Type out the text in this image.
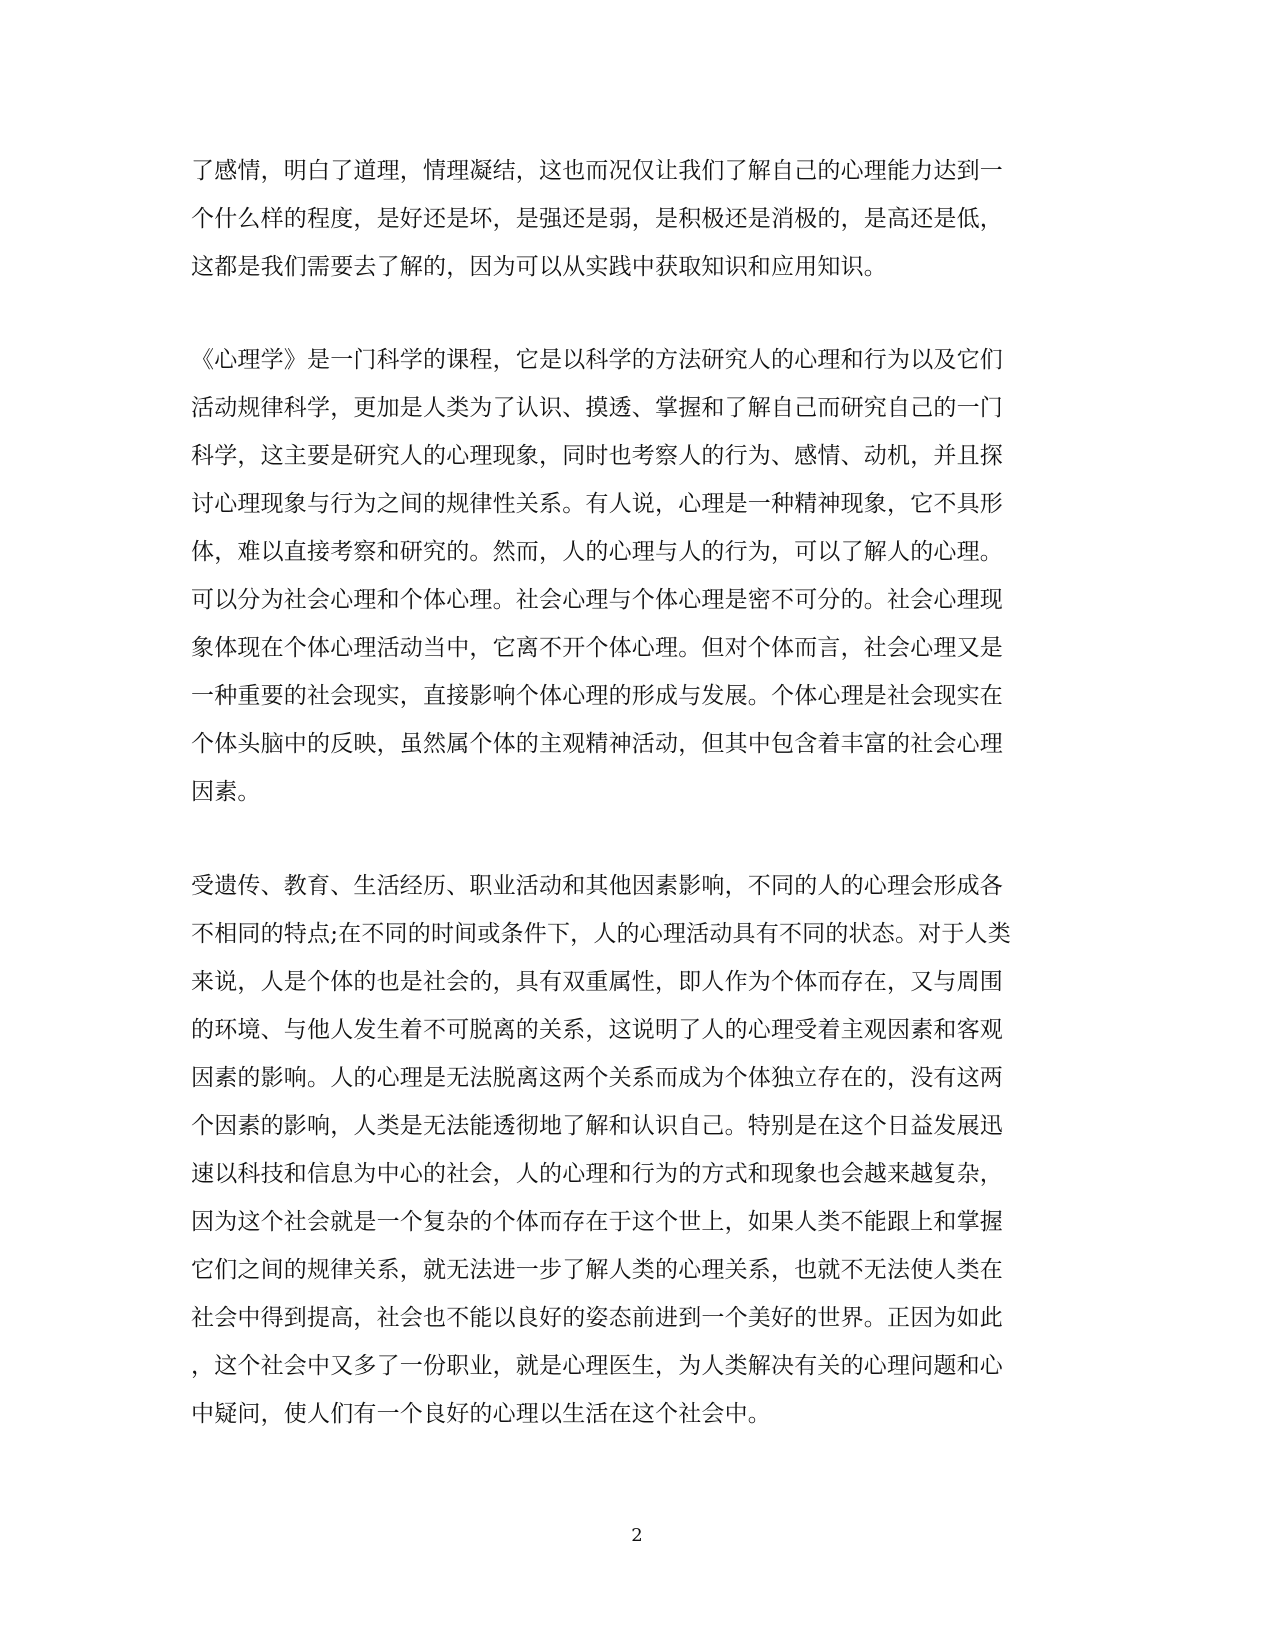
了感情，明白了道理，情理凝结，这也而况仅让我们了解自己的心理能力达到一
个什么样的程度，是好还是坏，是强还是弱，是积极还是消极的，是高还是低，
这都是我们需要去了解的，因为可以从实践中获取知识和应用知识。
《心理学》是一门科学的课程，它是以科学的方法研究人的心理和行为以及它们
活动规律科学，更加是人类为了认识、摸透、掌握和了解自己而研究自己的一门
科学，这主要是研究人的心理现象，同时也考察人的行为、感情、动机，并且探
讨心理现象与行为之间的规律性关系。有人说，心理是一种精神现象，它不具形
体，难以直接考察和研究的。然而，人的心理与人的行为，可以了解人的心理。
可以分为社会心理和个体心理。社会心理与个体心理是密不可分的。社会心理现
象体现在个体心理活动当中，它离不开个体心理。但对个体而言，社会心理又是
一种重要的社会现实，直接影响个体心理的形成与发展。个体心理是社会现实在
个体头脑中的反映，虽然属个体的主观精神活动，但其中包含着丰富的社会心理
因素。
受遗传、教育、生活经历、职业活动和其他因素影响，不同的人的心理会形成各
不相同的特点;在不同的时间或条件下，人的心理活动具有不同的状态。对于人类
来说，人是个体的也是社会的，具有双重属性，即人作为个体而存在，又与周围
的环境、与他人发生着不可脱离的关系，这说明了人的心理受着主观因素和客观
因素的影响。人的心理是无法脱离这两个关系而成为个体独立存在的，没有这两
个因素的影响，人类是无法能透彻地了解和认识自己。特别是在这个日益发展迅
速以科技和信息为中心的社会，人的心理和行为的方式和现象也会越来越复杂，
因为这个社会就是一个复杂的个体而存在于这个世上，如果人类不能跟上和掌握
它们之间的规律关系，就无法进一步了解人类的心理关系，也就不无法使人类在
社会中得到提高，社会也不能以良好的姿态前进到一个美好的世界。正因为如此
，这个社会中又多了一份职业，就是心理医生，为人类解决有关的心理问题和心
中疑问，使人们有一个良好的心理以生活在这个社会中。
2
